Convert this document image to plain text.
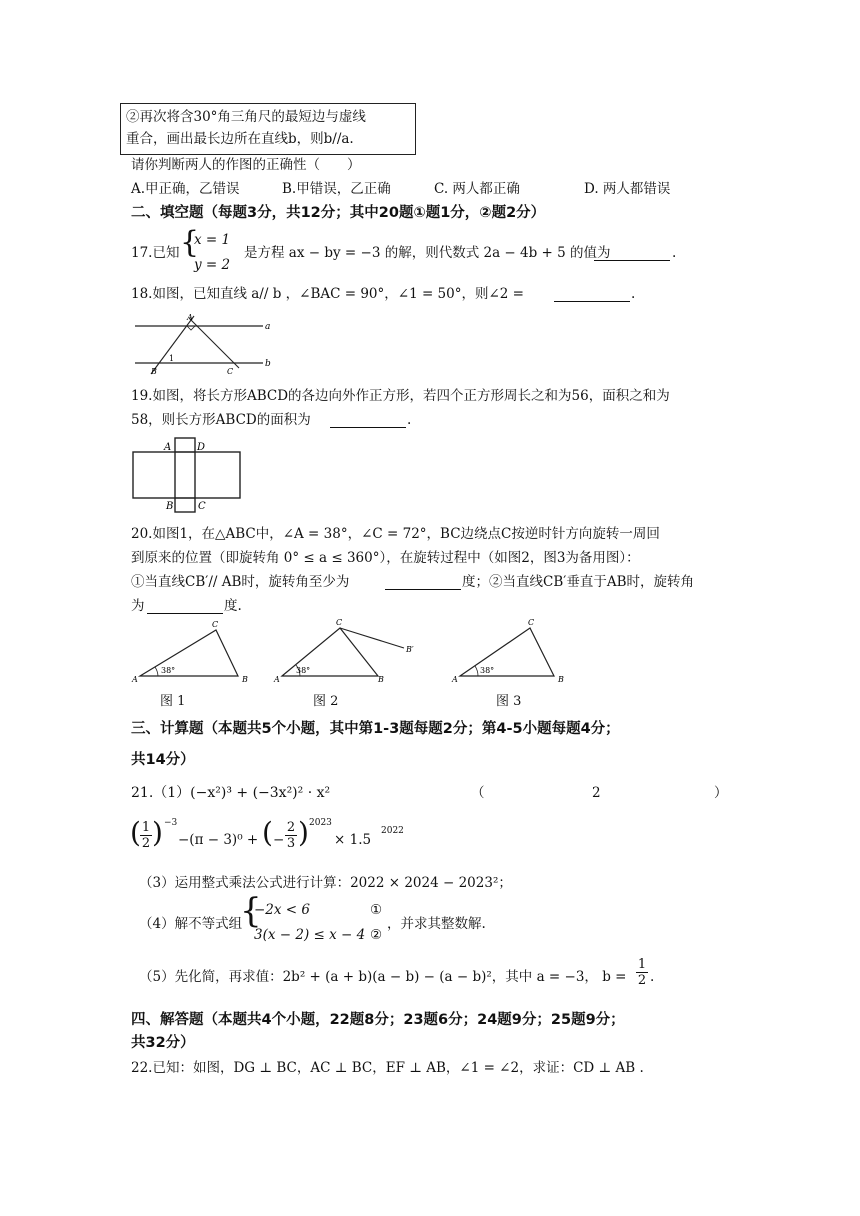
②再次将含30°角三角尺的最短边与虚线
重合，画出最长边所在直线b，则b//a.
请你判断两人的作图的正确性（　　）
A.甲正确，乙错误	B.甲错误，乙正确	C. 两人都正确	D. 两人都错误
二、填空题（每题3分，共12分；其中20题①题1分，②题2分）
17.已知 {
x = 1
y = 2
是方程 ax − by = −3 的解，则代数式 2a − 4b + 5 的值为	.
18.如图，已知直线 a// b ，∠BAC = 90°，∠1 = 50°，则∠2 =	.
A
a
b
1
B	C
19.如图，将长方形ABCD的各边向外作正方形，若四个正方形周长之和为56，面积之和为
58，则长方形ABCD的面积为	.
A	D
B C
20.如图1，在△ABC中，∠A = 38°，∠C = 72°，BC边绕点C按逆时针方向旋转一周回
到原来的位置（即旋转角 0° ≤ a ≤ 360°），在旋转过程中（如图2，图3为备用图）：
①当直线CB′// AB时，旋转角至少为	度；②当直线CB′垂直于AB时，旋转角
为	度.
38°
A	B
C
38°
A	B
C
B′
38°
A	B
C
图 1	图 2	图 3
三、计算题（本题共5个小题，其中第1-3题每题2分；第4-5小题每题4分；
共14分）
21.（1）(−x²)³ + (−3x²)² · x²	（	2	）
( $\frac{1}{2}$ ) −3
−(π − 3)⁰ + ( − $\frac{2}{3}$ ) 2023
× 1.5
2022
（3）运用整式乘法公式进行计算：2022 × 2024 − 2023²；
（4）解不等式组
{
−2x < 6
3(x − 2) ≤ x − 4
①
②
，并求其整数解.
（5）先化简，再求值：2b² + (a + b)(a − b) − (a − b)²，其中 a = −3， $b = \frac{1}{2}$ .
四、解答题（本题共4个小题，22题8分；23题6分；24题9分；25题9分；
共32分）
22.已知：如图，DG ⊥ BC，AC ⊥ BC，EF ⊥ AB，∠1 = ∠2，求证：CD ⊥ AB .
